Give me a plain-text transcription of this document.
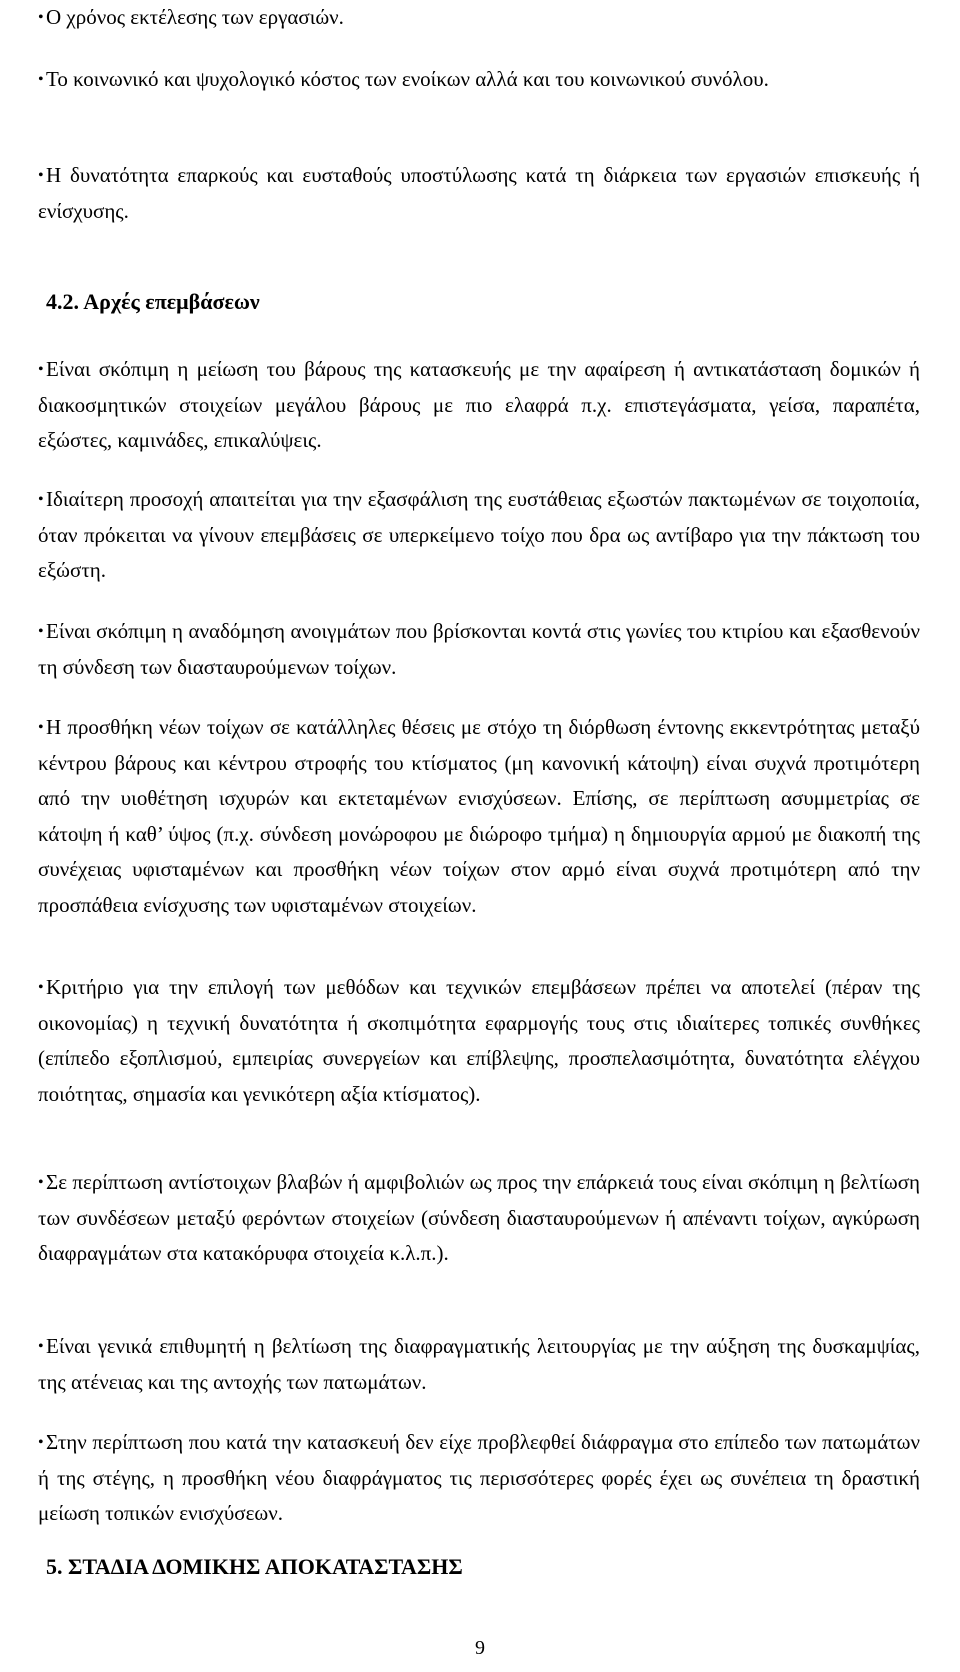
• Ο χρόνος εκτέλεσης των εργασιών.
• Το κοινωνικό και ψυχολογικό κόστος των ενοίκων αλλά και του κοινωνικού συνόλου.
• Η δυνατότητα επαρκούς και ευσταθούς υποστύλωσης κατά τη διάρκεια των εργασιών επισκευής ή ενίσχυσης.
4.2. Αρχές επεμβάσεων
• Είναι σκόπιμη η μείωση του βάρους της κατασκευής με την αφαίρεση ή αντικατάσταση δομικών ή διακοσμητικών στοιχείων μεγάλου βάρους με πιο ελαφρά π.χ. επιστεγάσματα, γείσα, παραπέτα, εξώστες, καμινάδες, επικαλύψεις.
• Ιδιαίτερη προσοχή απαιτείται για την εξασφάλιση της ευστάθειας εξωστών πακτωμένων σε τοιχοποιία, όταν πρόκειται να γίνουν επεμβάσεις σε υπερκείμενο τοίχο που δρα ως αντίβαρο για την πάκτωση του εξώστη.
• Είναι σκόπιμη η αναδόμηση ανοιγμάτων που βρίσκονται κοντά στις γωνίες του κτιρίου και εξασθενούν τη σύνδεση των διασταυρούμενων τοίχων.
• Η προσθήκη νέων τοίχων σε κατάλληλες θέσεις με στόχο τη διόρθωση έντονης εκκεντρότητας μεταξύ κέντρου βάρους και κέντρου στροφής του κτίσματος (μη κανονική κάτοψη) είναι συχνά προτιμότερη από την υιοθέτηση ισχυρών και εκτεταμένων ενισχύσεων. Επίσης, σε περίπτωση ασυμμετρίας σε κάτοψη ή καθ’ ύψος (π.χ. σύνδεση μονώροφου με διώροφο τμήμα) η δημιουργία αρμού με διακοπή της συνέχειας υφισταμένων και προσθήκη νέων τοίχων στον αρμό είναι συχνά προτιμότερη από την προσπάθεια ενίσχυσης των υφισταμένων στοιχείων.
• Κριτήριο για την επιλογή των μεθόδων και τεχνικών επεμβάσεων πρέπει να αποτελεί (πέραν της οικονομίας) η τεχνική δυνατότητα ή σκοπιμότητα εφαρμογής τους στις ιδιαίτερες τοπικές συνθήκες (επίπεδο εξοπλισμού, εμπειρίας συνεργείων και επίβλεψης, προσπελασιμότητα, δυνατότητα ελέγχου ποιότητας, σημασία και γενικότερη αξία κτίσματος).
• Σε περίπτωση αντίστοιχων βλαβών ή αμφιβολιών ως προς την επάρκειά τους είναι σκόπιμη η βελτίωση των συνδέσεων μεταξύ φερόντων στοιχείων (σύνδεση διασταυρούμενων ή απέναντι τοίχων, αγκύρωση διαφραγμάτων στα κατακόρυφα στοιχεία κ.λ.π.).
• Είναι γενικά επιθυμητή η βελτίωση της διαφραγματικής λειτουργίας με την αύξηση της δυσκαμψίας, της ατένειας και της αντοχής των πατωμάτων.
• Στην περίπτωση που κατά την κατασκευή δεν είχε προβλεφθεί διάφραγμα στο επίπεδο των πατωμάτων ή της στέγης, η προσθήκη νέου διαφράγματος τις περισσότερες φορές έχει ως συνέπεια τη δραστική μείωση τοπικών ενισχύσεων.
5. ΣΤΑΔΙΑ ΔΟΜΙΚΗΣ ΑΠΟΚΑΤΑΣΤΑΣΗΣ
9
